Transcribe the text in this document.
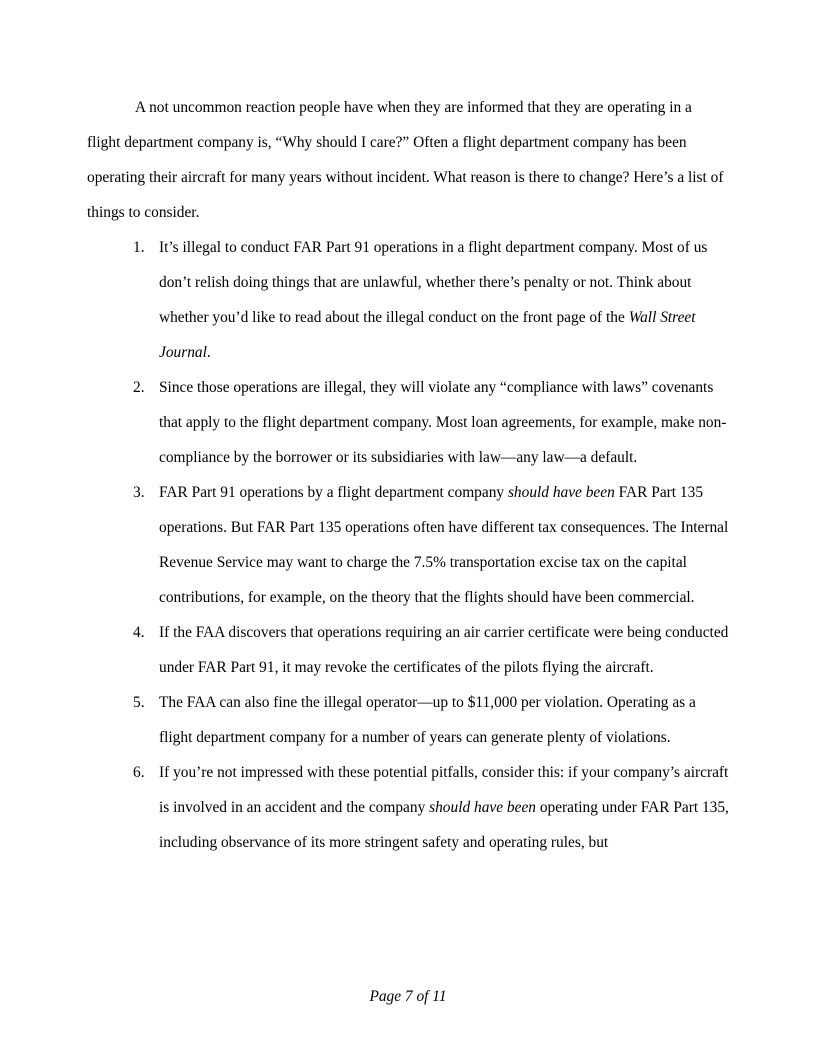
A not uncommon reaction people have when they are informed that they are operating in a flight department company is, “Why should I care?” Often a flight department company has been operating their aircraft for many years without incident. What reason is there to change? Here’s a list of things to consider.

1. It’s illegal to conduct FAR Part 91 operations in a flight department company. Most of us don’t relish doing things that are unlawful, whether there’s penalty or not. Think about whether you’d like to read about the illegal conduct on the front page of the Wall Street Journal.
2. Since those operations are illegal, they will violate any “compliance with laws” covenants that apply to the flight department company. Most loan agreements, for example, make non-compliance by the borrower or its subsidiaries with law—any law—a default.
3. FAR Part 91 operations by a flight department company should have been FAR Part 135 operations. But FAR Part 135 operations often have different tax consequences. The Internal Revenue Service may want to charge the 7.5% transportation excise tax on the capital contributions, for example, on the theory that the flights should have been commercial.
4. If the FAA discovers that operations requiring an air carrier certificate were being conducted under FAR Part 91, it may revoke the certificates of the pilots flying the aircraft.
5. The FAA can also fine the illegal operator—up to $11,000 per violation. Operating as a flight department company for a number of years can generate plenty of violations.
6. If you’re not impressed with these potential pitfalls, consider this: if your company’s aircraft is involved in an accident and the company should have been operating under FAR Part 135, including observance of its more stringent safety and operating rules, but
Page 7 of 11
